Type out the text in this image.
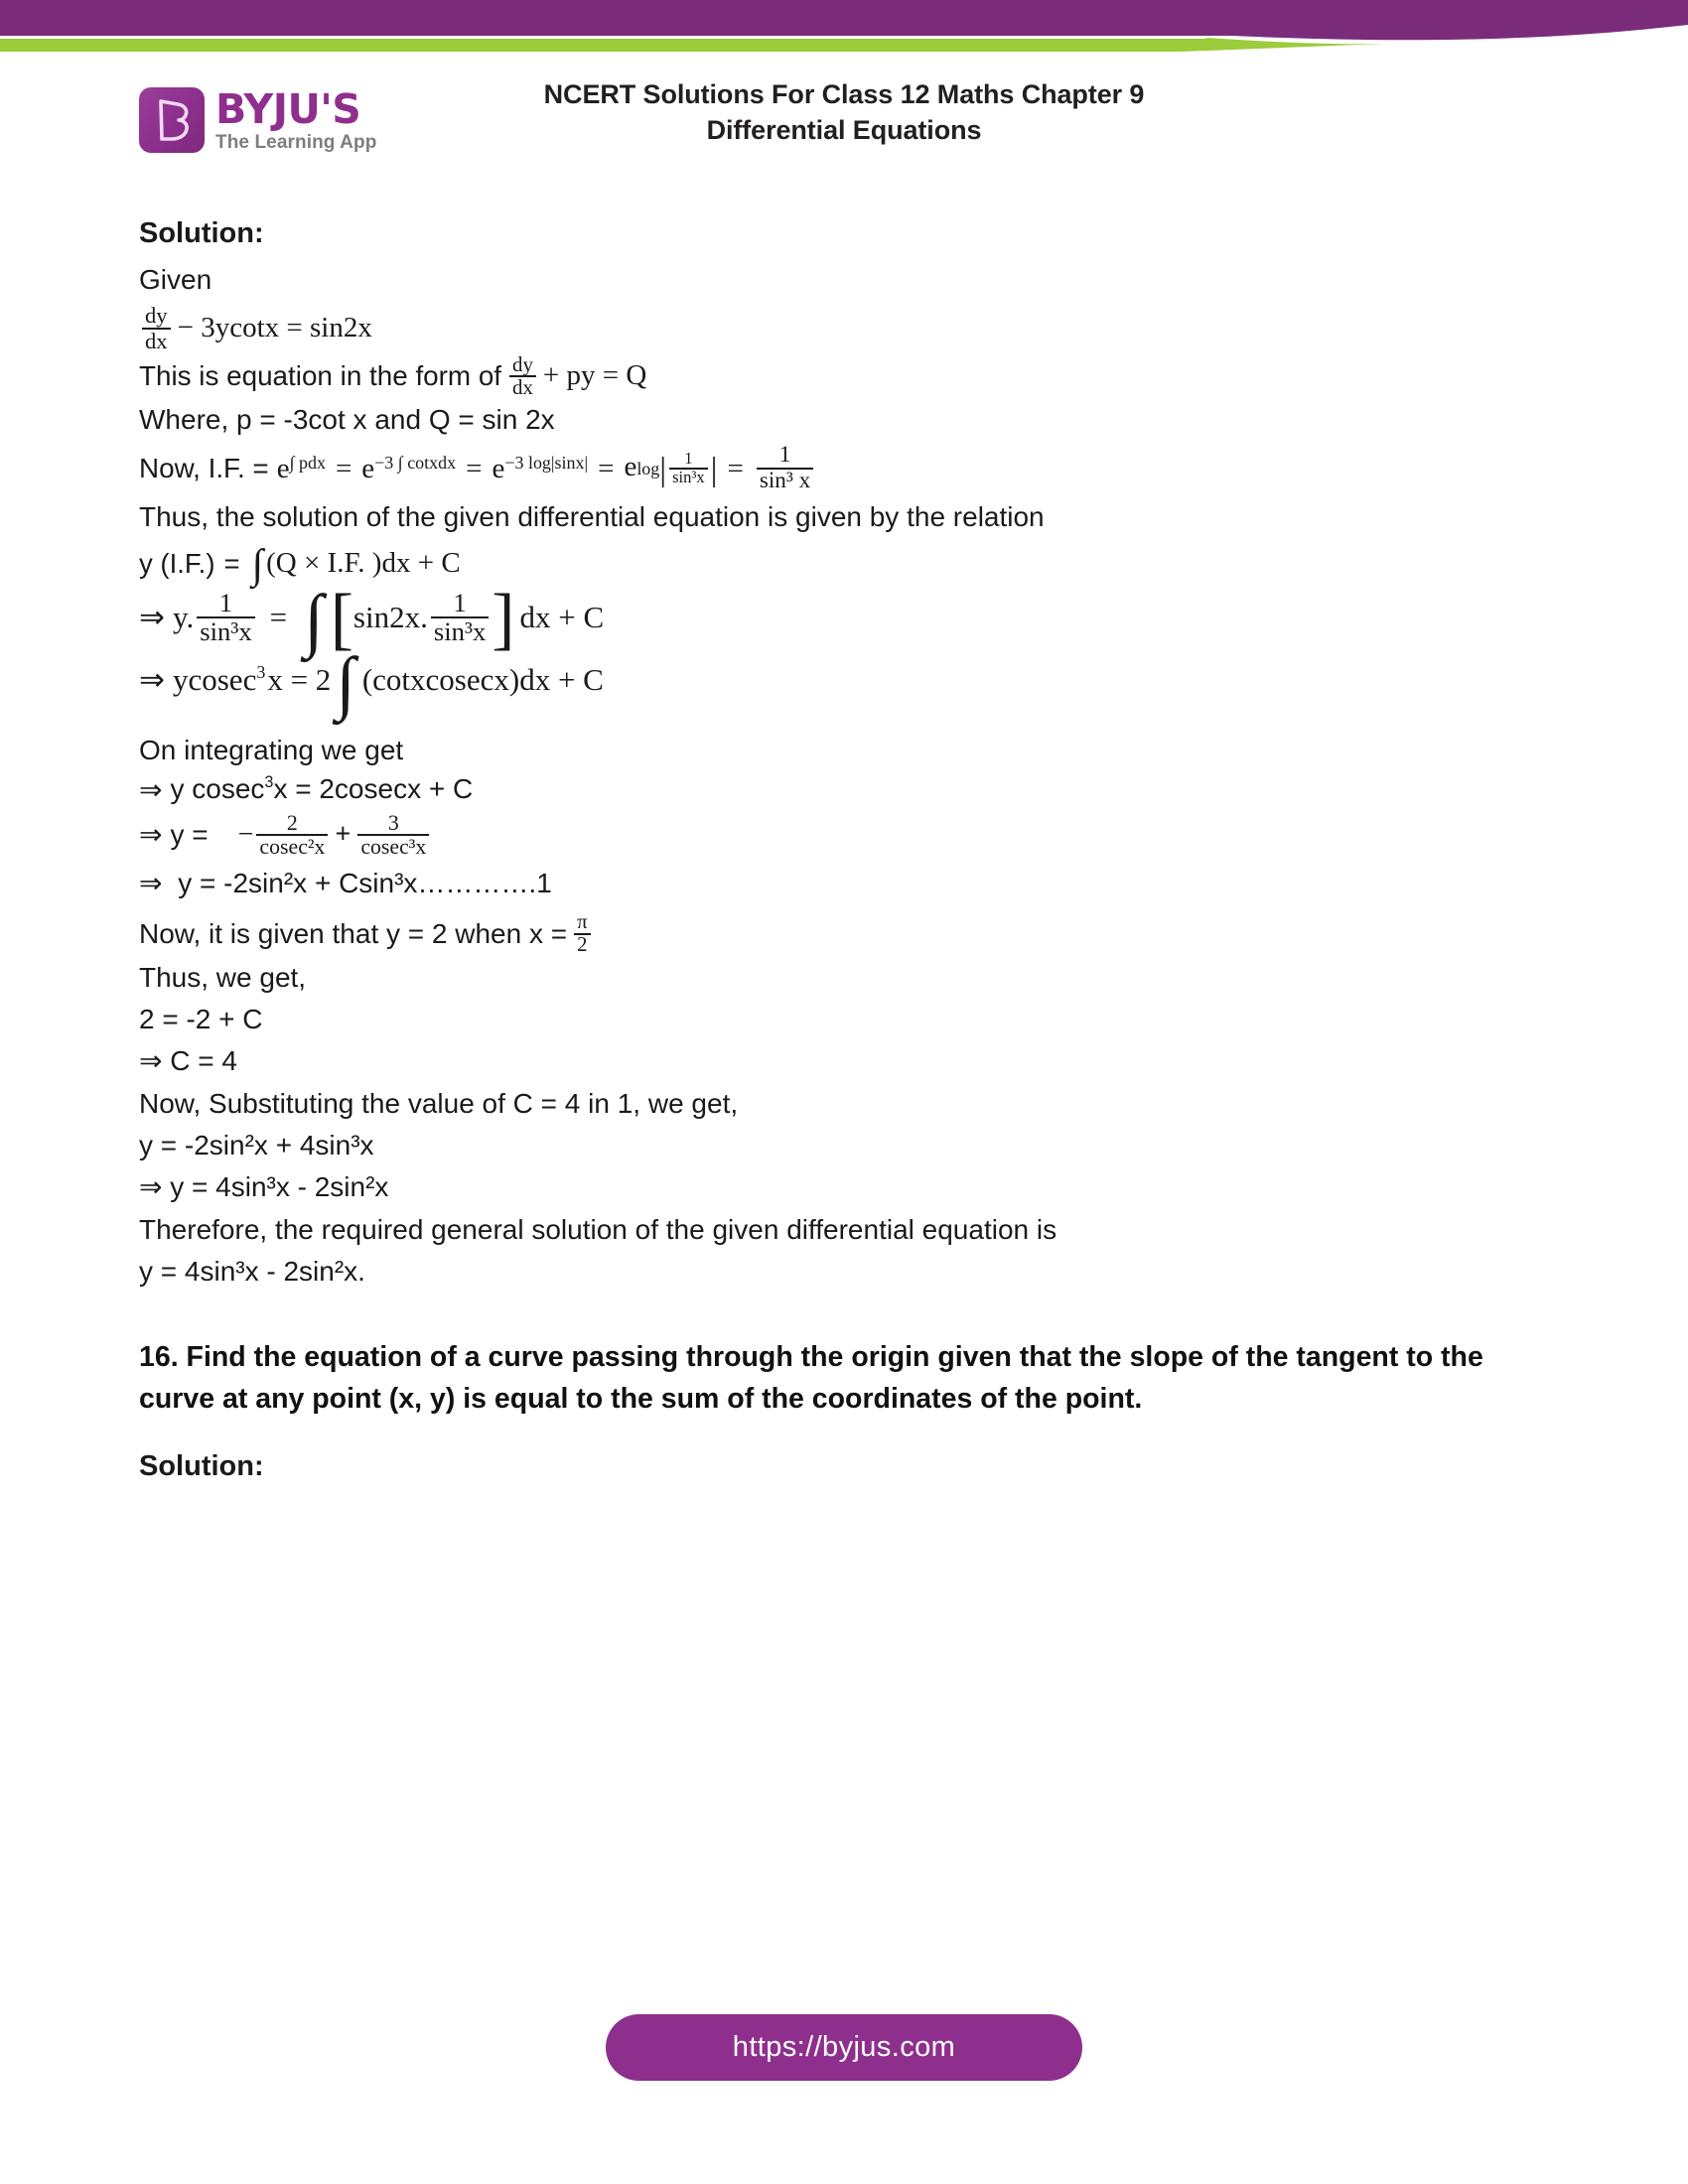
BYJU'S
The Learning App
NCERT Solutions For Class 12 Maths Chapter 9
Differential Equations

Solution:

Given

$\frac{dy}{dx} - 3ycotx = \sin 2x$
This is equation in the form of $\frac{dy}{dx}$ + py = Q

Where, p = -3cot x and Q = sin 2x

Now, I.F. = $e^{\int pdx} = e^{-3 \int cotxdx} = e^{-3 log|sinx|} = e$ log | $\frac{1}{\text{sin³x}}$ | = $\frac{1}{\text{sin³ x}}$

Thus, the solution of the given differential equation is given by the relation

y (I.F.) = ∫ (Q × I.F. )dx + C
⇒ y. $\frac{1}{\text{sin³x}}$ = ∫ [ sin2x. $\frac{1}{\text{sin³x}}$ ] dx + C
⇒ ycosec$^3$ x = 2 ∫ (cotxcosecx)dx + C

On integrating we get

⇒ y cosec$^3$ x = 2cosecx + C
⇒ y = − $\frac{2}{\text{cosec²x}} + \frac{3}{\text{cosec³x}}$

⇒ y = -2sin²x + Csin³x………….1

Now, it is given that y = 2 when $x = \frac{\pi}{2}$

Thus, we get,

2 = -2 + C

⇒ C = 4

Now, Substituting the value of C = 4 in 1, we get,

y = -2sin²x + 4sin³x

⇒ y = 4sin³x - 2sin²x

Therefore, the required general solution of the given differential equation is

y = 4sin³x - 2sin²x.

16. Find the equation of a curve passing through the origin given that the slope of the tangent to the curve at any point (x, y) is equal to the sum of the coordinates of the point.

Solution:

https://byjus.com
